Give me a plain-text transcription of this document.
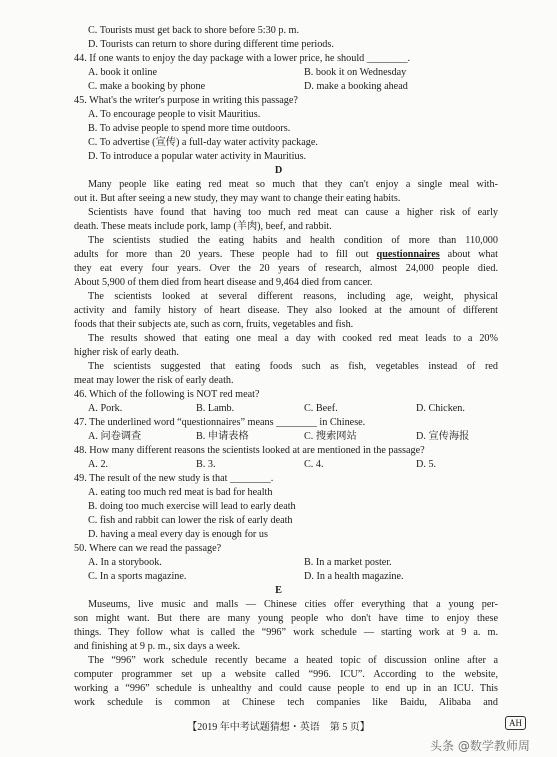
C. Tourists must get back to shore before 5:30 p. m.
D. Tourists can return to shore during different time periods.
44. If one wants to enjoy the day package with a lower price, he should ________.
A. book it online	B. book it on Wednesday
C. make a booking by phone	D. make a booking ahead
45. What's the writer's purpose in writing this passage?
A. To encourage people to visit Mauritius.
B. To advise people to spend more time outdoors.
C. To advertise (宣传) a full-day water activity package.
D. To introduce a popular water activity in Mauritius.
D
Many people like eating red meat so much that they can't enjoy a single meal with-
out it. But after seeing a new study, they may want to change their eating habits.
Scientists have found that having too much red meat can cause a higher risk of early
death. These meats include pork, lamp (羊肉), beef, and rabbit.
The scientists studied the eating habits and health condition of more than 110,000
adults for more than 20 years. These people had to fill out questionnaires about what
they eat every four years. Over the 20 years of research, almost 24,000 people died.
About 5,900 of them died from heart disease and 9,464 died from cancer.
The scientists looked at several different reasons, including age, weight, physical
activity and family history of heart disease. They also looked at the amount of different
foods that their subjects ate, such as corn, fruits, vegetables and fish.
The results showed that eating one meal a day with cooked red meat leads to a 20%
higher risk of early death.
The scientists suggested that eating foods such as fish, vegetables instead of red
meat may lower the risk of early death.
46. Which of the following is NOT red meat?
A. Pork.	B. Lamb.	C. Beef.	D. Chicken.
47. The underlined word “questionnaires” means ________ in Chinese.
A. 问卷调查	B. 申请表格	C. 搜索网站	D. 宣传海报
48. How many different reasons the scientists looked at are mentioned in the passage?
A. 2.	B. 3.	C. 4.	D. 5.
49. The result of the new study is that ________.
A. eating too much red meat is bad for health
B. doing too much exercise will lead to early death
C. fish and rabbit can lower the risk of early death
D. having a meal every day is enough for us
50. Where can we read the passage?
A. In a storybook.	B. In a market poster.
C. In a sports magazine.	D. In a health magazine.
E
Museums, live music and malls — Chinese cities offer everything that a young per-
son might want. But there are many young people who don't have time to enjoy these
things. They follow what is called the “996” work schedule — starting work at 9 a. m.
and finishing at 9 p. m., six days a week.
The “996” work schedule recently became a heated topic of discussion online after a
computer programmer set up a website called “996. ICU”. According to the website,
working a “996” schedule is unhealthy and could cause people to end up in an ICU. This
work schedule is common at Chinese tech companies like Baidu, Alibaba and
【2019 年中考试题猜想・英语　第 5 页】	AH
头条 @数学教师周
